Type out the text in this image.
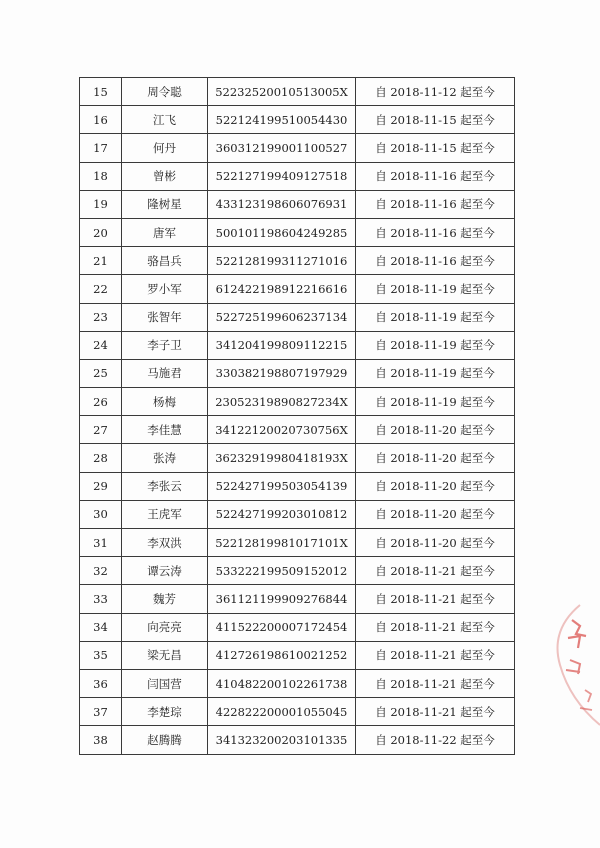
15	周令聪	52232520010513005X	自 2018-11-12 起至今
16	江飞	522124199510054430	自 2018-11-15 起至今
17	何丹	360312199001100527	自 2018-11-15 起至今
18	曾彬	522127199409127518	自 2018-11-16 起至今
19	隆树星	433123198606076931	自 2018-11-16 起至今
20	唐军	500101198604249285	自 2018-11-16 起至今
21	骆昌兵	522128199311271016	自 2018-11-16 起至今
22	罗小军	612422198912216616	自 2018-11-19 起至今
23	张智年	522725199606237134	自 2018-11-19 起至今
24	李子卫	341204199809112215	自 2018-11-19 起至今
25	马施君	330382198807197929	自 2018-11-19 起至今
26	杨梅	23052319890827234X	自 2018-11-19 起至今
27	李佳慧	34122120020730756X	自 2018-11-20 起至今
28	张涛	36232919980418193X	自 2018-11-20 起至今
29	李张云	522427199503054139	自 2018-11-20 起至今
30	王虎军	522427199203010812	自 2018-11-20 起至今
31	李双洪	52212819981017101X	自 2018-11-20 起至今
32	谭云涛	533222199509152012	自 2018-11-21 起至今
33	魏芳	361121199909276844	自 2018-11-21 起至今
34	向亮亮	411522200007172454	自 2018-11-21 起至今
35	梁无昌	412726198610021252	自 2018-11-21 起至今
36	闫国营	410482200102261738	自 2018-11-21 起至今
37	李楚琮	422822200001055045	自 2018-11-21 起至今
38	赵腾腾	341323200203101335	自 2018-11-22 起至今
